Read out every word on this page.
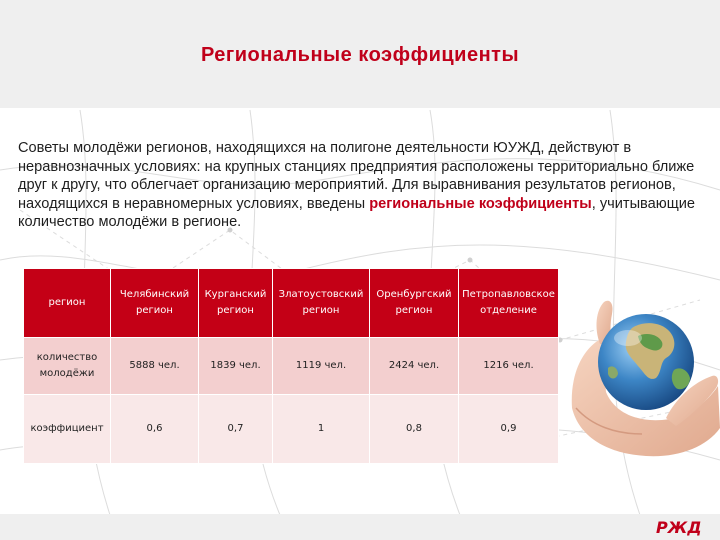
Региональные коэффициенты
Советы молодёжи регионов, находящихся на полигоне деятельности ЮУЖД, действуют в неравнозначных условиях: на крупных станциях предприятия расположены территориально ближе друг к другу, что облегчает организацию мероприятий. Для выравнивания результатов регионов, находящихся в неравномерных условиях, введены региональные коэффициенты, учитывающие количество молодёжи в регионе.
регион	Челябинский регион	Курганский регион	Златоустовский регион	Оренбургский регион	Петропавловское отделение
количество молодёжи	5888 чел.	1839 чел.	1119 чел.	2424 чел.	1216 чел.
коэффициент	0,6	0,7	1	0,8	0,9
РЖД
